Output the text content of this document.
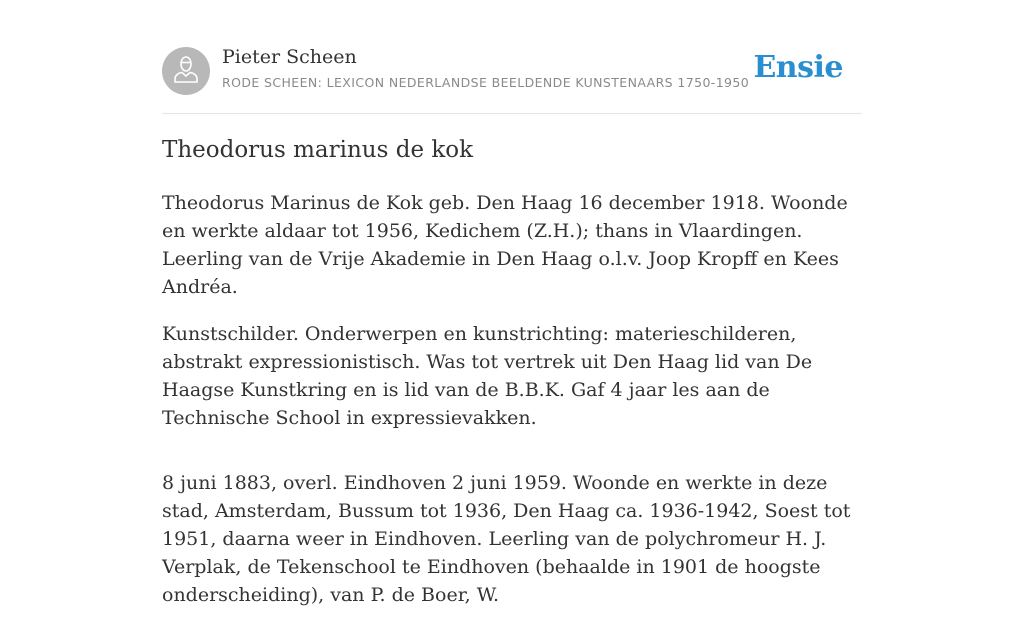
Pieter Scheen
RODE SCHEEN: LEXICON NEDERLANDSE BEELDENDE KUNSTENAARS 1750-1950 Ensie
Theodorus marinus de kok

Theodorus Marinus de Kok geb. Den Haag 16 december 1918. Woonde en werkte aldaar tot 1956, Kedichem (Z.H.); thans in Vlaardingen. Leerling van de Vrije Akademie in Den Haag o.l.v. Joop Kropff en Kees Andréa.

Kunstschilder. Onderwerpen en kunstrichting: materieschilderen, abstrakt expressionistisch. Was tot vertrek uit Den Haag lid van De Haagse Kunstkring en is lid van de B.B.K. Gaf 4 jaar les aan de Technische School in expressievakken.

8 juni 1883, overl. Eindhoven 2 juni 1959. Woonde en werkte in deze stad, Amsterdam, Bussum tot 1936, Den Haag ca. 1936-1942, Soest tot 1951, daarna weer in Eindhoven. Leerling van de polychromeur H. J. Verplak, de Tekenschool te Eindhoven (behaalde in 1901 de hoogste onderscheiding), van P. de Boer, W.
